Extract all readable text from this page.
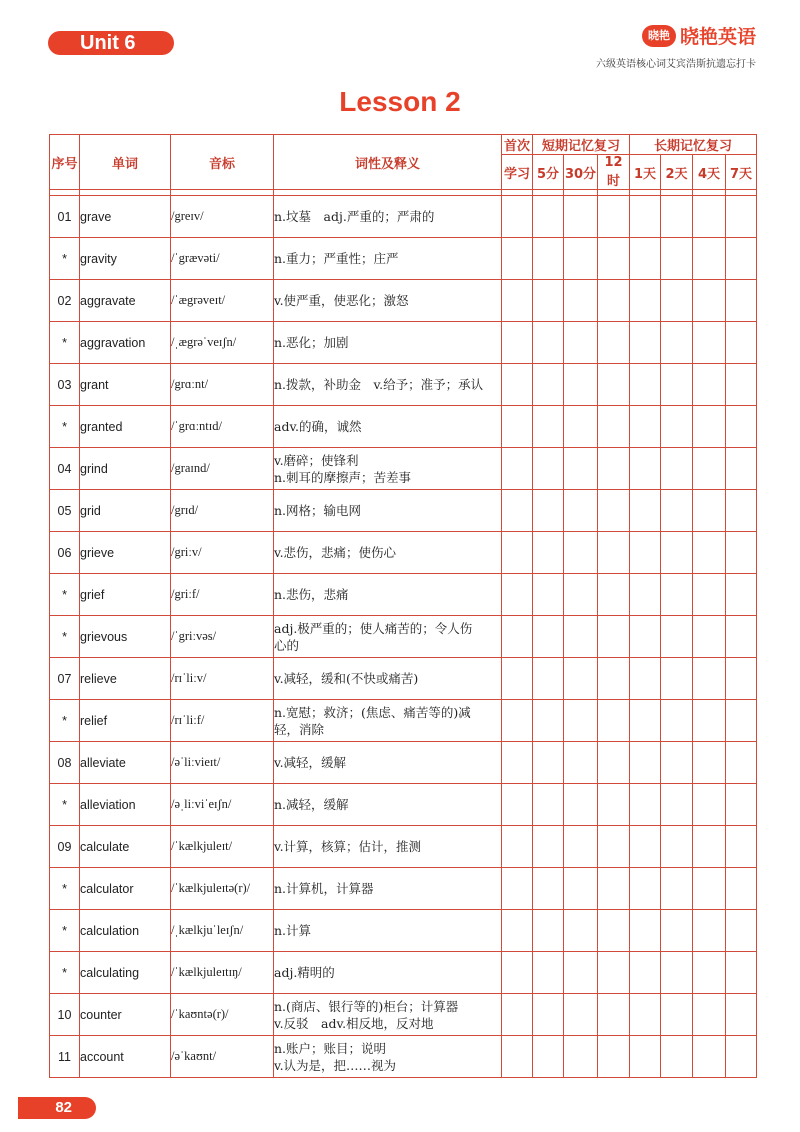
Unit 6	晓艳 晓艳英语
六级英语核心词艾宾浩斯抗遗忘打卡
Lesson 2
序号	单词	音标	词性及释义	首次	短期记忆复习			长期记忆复习			
				学习	5分	30分	12时	1天	2天	4天	7天

01	grave	/greɪv/	n.坟墓　adj.严重的；严肃的								

*	gravity	/ˈgrævəti/	n.重力；严重性；庄严								

02	aggravate	/ˈægrəveɪt/	v.使严重，使恶化；激怒								

*	aggravation	/ˌægrəˈveɪʃn/	n.恶化；加剧								

03	grant	/grɑːnt/	n.拨款，补助金　v.给予；准予；承认								

*	granted	/ˈgrɑːntɪd/	adv.的确，诚然								

04	grind	/graɪnd/	v.磨碎；使锋利
n.刺耳的摩擦声；苦差事								

05	grid	/grɪd/	n.网格；输电网								

06	grieve	/griːv/	v.悲伤，悲痛；使伤心								

*	grief	/griːf/	n.悲伤，悲痛								

*	grievous	/ˈgriːvəs/	adj.极严重的；使人痛苦的；令人伤
心的								

07	relieve	/rɪˈliːv/	v.减轻，缓和(不快或痛苦)								

*	relief	/rɪˈliːf/	n.宽慰；救济；(焦虑、痛苦等的)减
轻，消除								

08	alleviate	/əˈliːvieɪt/	v.减轻，缓解								

*	alleviation	/əˌliːviˈeɪʃn/	n.减轻，缓解								

09	calculate	/ˈkælkjuleɪt/	v.计算，核算；估计，推测								

*	calculator	/ˈkælkjuleɪtə(r)/	n.计算机，计算器								

*	calculation	/ˌkælkjuˈleɪʃn/	n.计算								

*	calculating	/ˈkælkjuleɪtɪŋ/	adj.精明的								

10	counter	/ˈkaʊntə(r)/	n.(商店、银行等的)柜台；计算器
v.反驳　adv.相反地，反对地								

11	account	/əˈkaʊnt/	n.账户；账目；说明
v.认为是，把……视为								

82
